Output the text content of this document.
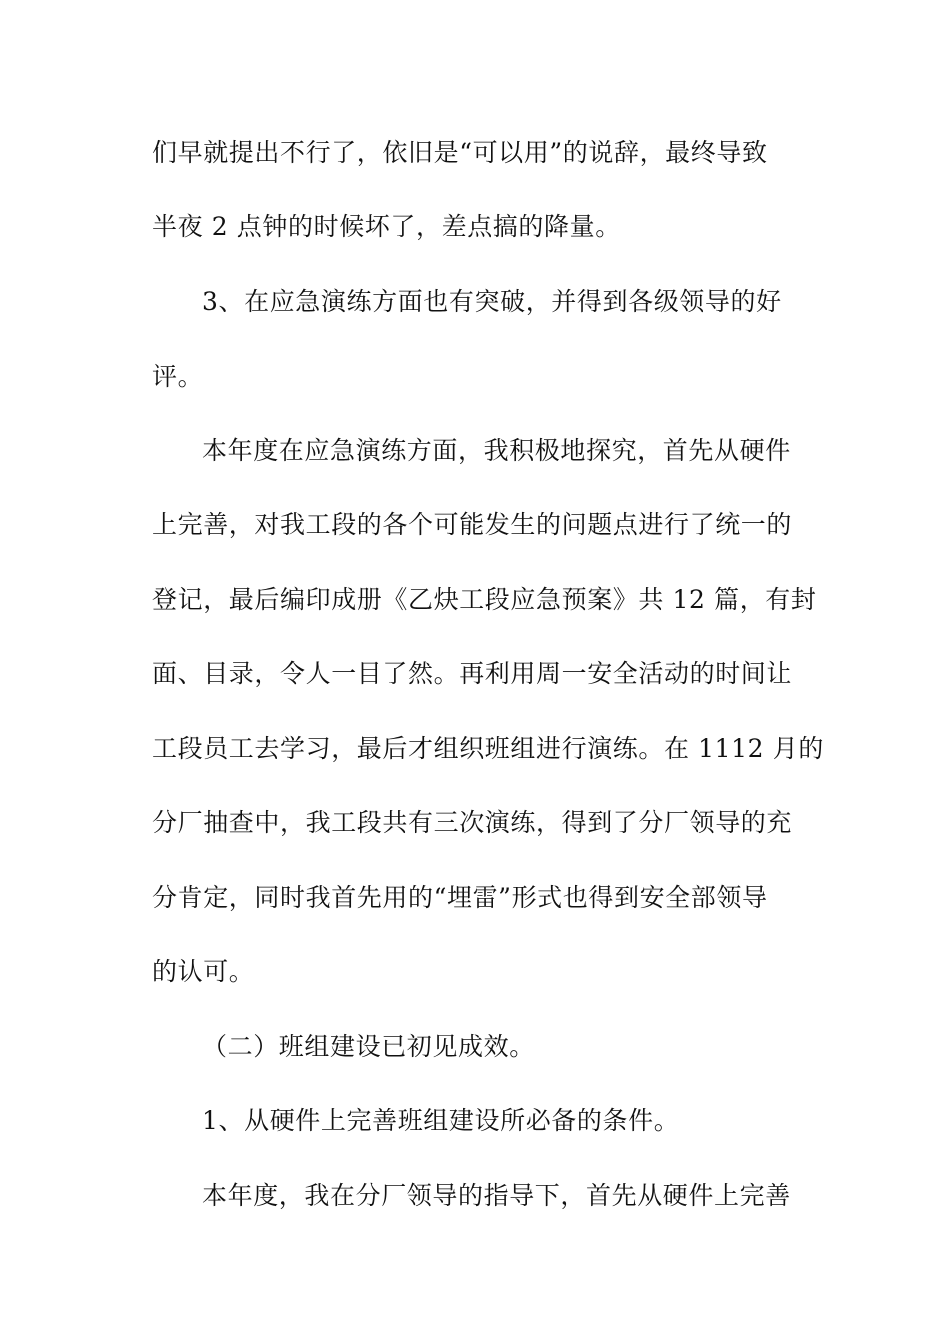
们早就提出不行了，依旧是“可以用”的说辞，最终导致
半夜 2 点钟的时候坏了，差点搞的降量。
3、在应急演练方面也有突破，并得到各级领导的好
评。
本年度在应急演练方面，我积极地探究，首先从硬件
上完善，对我工段的各个可能发生的问题点进行了统一的
登记，最后编印成册《乙炔工段应急预案》共 12 篇，有封
面、目录，令人一目了然。再利用周一安全活动的时间让
工段员工去学习，最后才组织班组进行演练。在 1112 月的
分厂抽查中，我工段共有三次演练，得到了分厂领导的充
分肯定，同时我首先用的“埋雷”形式也得到安全部领导
的认可。
（二）班组建设已初见成效。
1、从硬件上完善班组建设所必备的条件。
本年度，我在分厂领导的指导下，首先从硬件上完善
